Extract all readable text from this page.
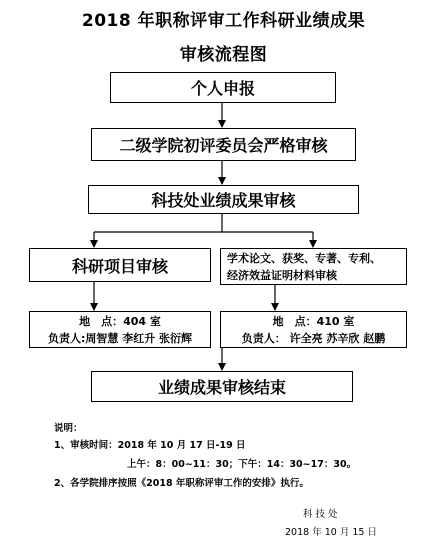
2018 年职称评审工作科研业绩成果
审核流程图
个人申报
二级学院初评委员会严格审核
科技处业绩成果审核
科研项目审核	学术论文、获奖、专著、专利、
经济效益证明材料审核
地　点：404 室
负责人:周智慧 李红升 张衍辉
地　点：410 室
负责人： 许全亮 苏辛欣 赵鹏
业绩成果审核结束
说明：
1、审核时间：2018 年 10 月 17 日-19 日
上午：8：00~11：30；下午：14：30~17：30。
2、各学院排序按照《2018 年职称评审工作的安排》执行。
科 技 处
2018 年 10 月 15 日
